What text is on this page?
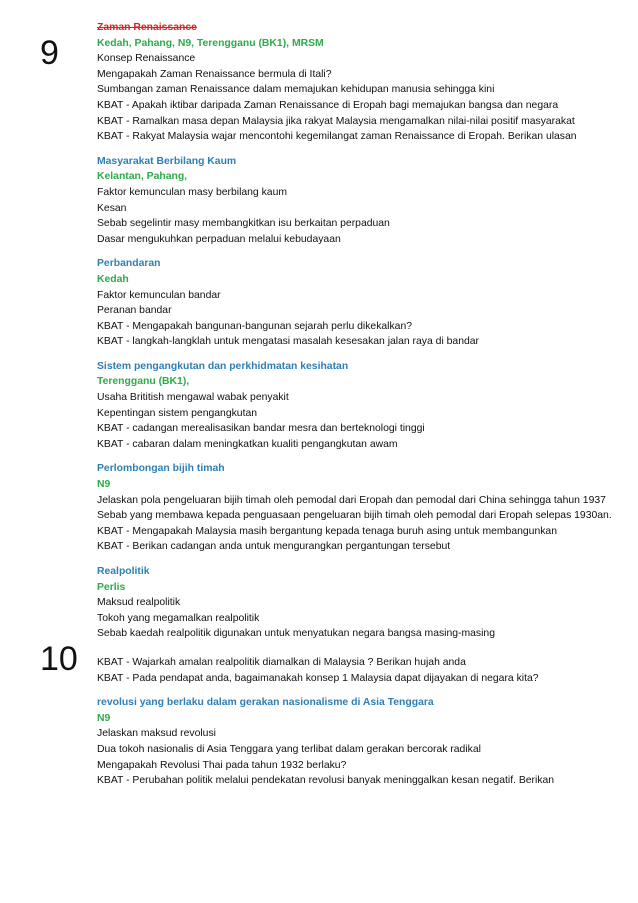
9
10
Zaman Renaissance
Kedah, Pahang, N9, Terengganu (BK1), MRSM
Konsep Renaissance
Mengapakah Zaman Renaissance bermula di Itali?
Sumbangan zaman Renaissance dalam memajukan kehidupan manusia sehingga kini
KBAT - Apakah iktibar daripada Zaman Renaissance di Eropah bagi memajukan bangsa dan negara
KBAT - Ramalkan masa depan Malaysia jika rakyat Malaysia mengamalkan nilai-nilai positif masyarakat
KBAT - Rakyat Malaysia wajar mencontohi kegemilangat zaman Renaissance di Eropah. Berikan ulasan
Masyarakat Berbilang Kaum
Kelantan, Pahang,
Faktor kemunculan masy berbilang kaum
Kesan
Sebab segelintir masy membangkitkan isu berkaitan perpaduan
Dasar mengukuhkan perpaduan melalui kebudayaan
Perbandaran
Kedah
Faktor kemunculan bandar
Peranan bandar
KBAT - Mengapakah bangunan-bangunan sejarah perlu dikekalkan?
KBAT - langkah-langklah untuk mengatasi masalah kesesakan jalan raya di bandar
Sistem pengangkutan dan perkhidmatan kesihatan
Terengganu (BK1),
Usaha Brititish mengawal wabak penyakit
Kepentingan sistem pengangkutan
KBAT - cadangan merealisasikan bandar mesra dan berteknologi tinggi
KBAT - cabaran dalam meningkatkan kualiti pengangkutan awam
Perlombongan bijih timah
N9
Jelaskan pola pengeluaran bijih timah oleh pemodal dari Eropah dan pemodal dari China sehingga tahun 1937
Sebab yang membawa kepada penguasaan pengeluaran bijih timah oleh pemodal dari Eropah selepas 1930an.
KBAT - Mengapakah Malaysia masih bergantung kepada tenaga buruh asing untuk membangunkan
KBAT - Berikan cadangan anda untuk mengurangkan pergantungan tersebut
Realpolitik
Perlis
Maksud realpolitik
Tokoh yang megamalkan realpolitik
Sebab kaedah realpolitik digunakan untuk menyatukan negara bangsa masing-masing
KBAT - Wajarkah amalan realpolitik diamalkan di Malaysia ? Berikan hujah anda
KBAT - Pada pendapat anda, bagaimanakah konsep 1 Malaysia dapat dijayakan di negara kita?
revolusi yang berlaku dalam gerakan nasionalisme di Asia Tenggara
N9
Jelaskan maksud revolusi
Dua tokoh nasionalis di Asia Tenggara yang terlibat dalam gerakan bercorak radikal
Mengapakah Revolusi Thai pada tahun 1932 berlaku?
KBAT - Perubahan politik melalui pendekatan revolusi banyak meninggalkan kesan negatif. Berikan
